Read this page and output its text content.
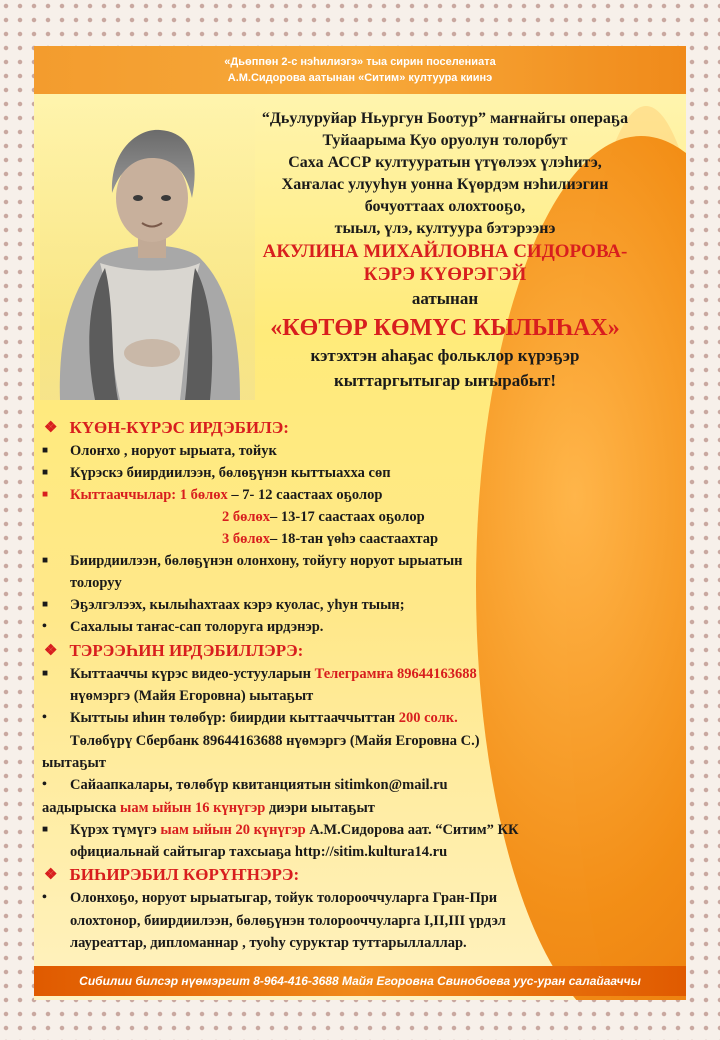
«Дьөппөн 2-с нэһилиэгэ» тыа сирин поселениата
А.М.Сидорова аатынан «Ситим» култуура киинэ
“Дьулуруйар Ньургун Боотур” маҥнайгы операҕа
Туйаарыма Куо оруолун толорбут
Саха АССР култууратын үтүөлээх үлэһитэ,
Хаҥалас улууһун уонна Күөрдэм нэһилиэгин
бочуоттаах олохтооҕо,
тыыл, үлэ, култуура бэтэрээнэ
АКУЛИНА МИХАЙЛОВНА СИДОРОВА-
КЭРЭ КҮӨРЭГЭЙ
аатынан
«КӨТӨР КӨМҮС КЫЛЫҺАХ»
кэтэхтэн аһаҕас фольклор күрэҕэр
кыттаргытыгар ыҥырабыт!
❖ КҮӨН-КҮРЭС ИРДЭБИЛЭ:
■
Олоҥхо , норуот ырыата, тойук
■
Күрэскэ биирдиилээн, бөлөҕүнэн кыттыахха сөп
■
Кыттааччылар: 1 бөлөх – 7- 12 саастаах оҕолор
2 бөлөх – 13-17 саастаах оҕолор
3 бөлөх – 18-тан үөһэ саастаахтар
■
Биирдиилээн, бөлөҕүнэн олонхону, тойугу норуот ырыатын
толоруу
■
Эҕэлгэлээх, кылыһахтаах кэрэ куолас, уһун тыын;
•
Сахалыы таҥас-сап толоруга ирдэнэр.
❖ ТЭРЭЭҺИН ИРДЭБИЛЛЭРЭ:
■
Кыттааччы күрэс видео-устууларын Телеграмҥа 89644163688
нүөмэргэ (Майя Егоровна) ыытаҕыт
•
Кыттыы иһин төлөбүр: биирдии кыттааччыттан 200 солк.
Төлөбүрү Сбербанк 89644163688 нүөмэргэ (Майя Егоровна С.)
ыытаҕыт
•
Сайаапкалары, төлөбүр квитанциятын sitimkon@mail.ru
аадырыска ыам ыйын 16 күнүгэр диэри ыытаҕыт
■
Күрэх түмүгэ ыам ыйын 20 күнүгэр А.М.Сидорова аат. “Ситим” КК
официальнай сайтыгар тахсыаҕа http://sitim.kultura14.ru
❖ БИҺИРЭБИЛ КӨРҮҤНЭРЭ:
•
Олонхоҕо, норуот ырыатыгар, тойук толорооччуларга Гран-При
олохтонор, биирдиилээн, бөлөҕүнэн толорооччуларга I,II,III үрдэл
лауреаттар, дипломаннар , туоһу суруктар туттарыллаллар.
Сибилии билсэр нүөмэргит 8-964-416-3688 Майя Егоровна Свинобоева уус-уран салайааччы
